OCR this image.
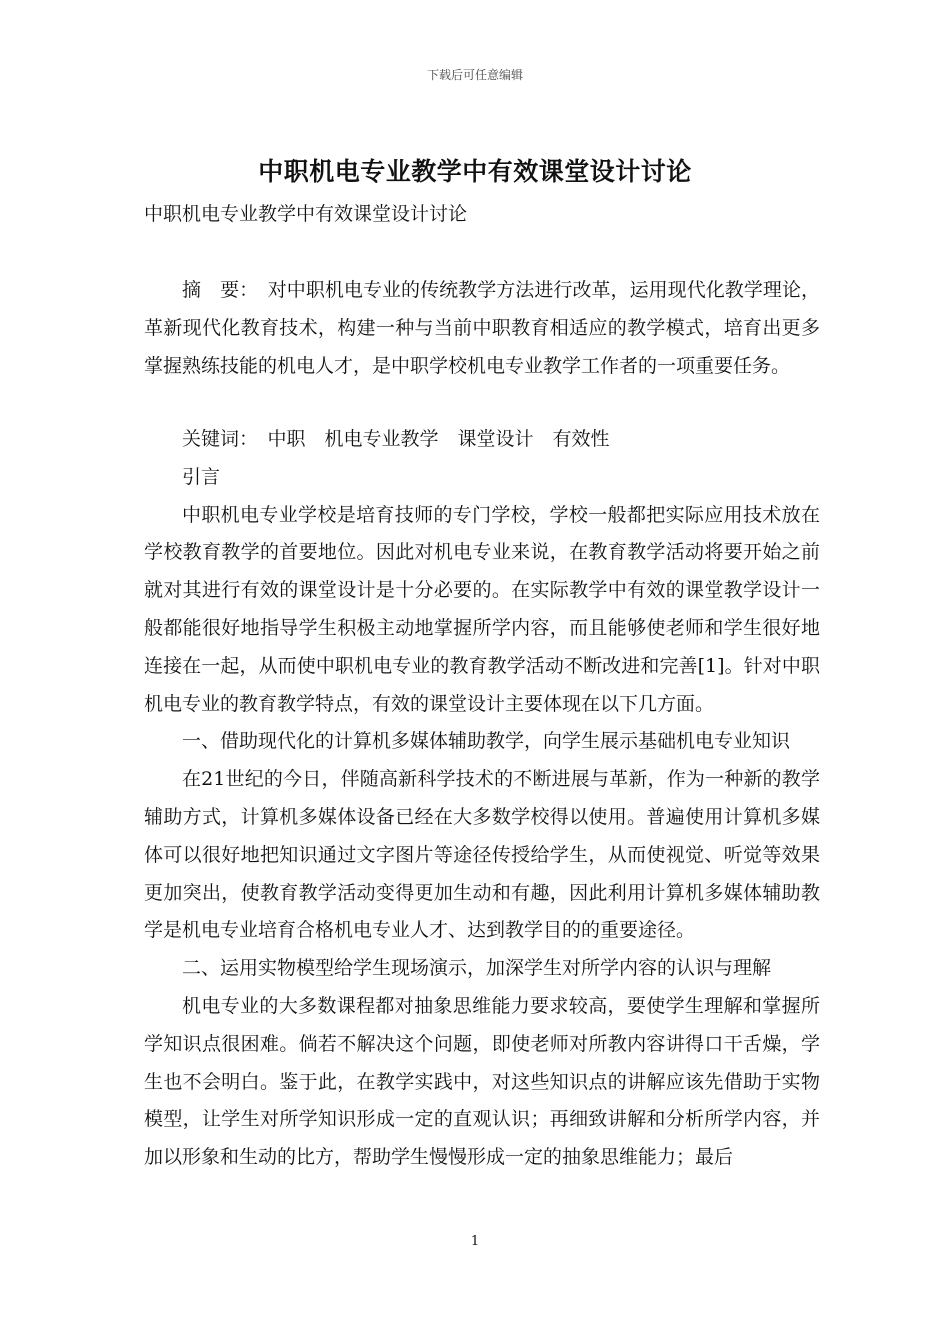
下载后可任意编辑
中职机电专业教学中有效课堂设计讨论
中职机电专业教学中有效课堂设计讨论

摘　要：　对中职机电专业的传统教学方法进行改革，运用现代化教学理论，革新现代化教育技术，构建一种与当前中职教育相适应的教学模式，培育出更多掌握熟练技能的机电人才，是中职学校机电专业教学工作者的一项重要任务。

关键词：　中职　机电专业教学　课堂设计　有效性

引言

中职机电专业学校是培育技师的专门学校，学校一般都把实际应用技术放在学校教育教学的首要地位。因此对机电专业来说，在教育教学活动将要开始之前就对其进行有效的课堂设计是十分必要的。在实际教学中有效的课堂教学设计一般都能很好地指导学生积极主动地掌握所学内容，而且能够使老师和学生很好地连接在一起，从而使中职机电专业的教育教学活动不断改进和完善[1]。针对中职机电专业的教育教学特点，有效的课堂设计主要体现在以下几方面。

一、借助现代化的计算机多媒体辅助教学，向学生展示基础机电专业知识

在21世纪的今日，伴随高新科学技术的不断进展与革新，作为一种新的教学辅助方式，计算机多媒体设备已经在大多数学校得以使用。普遍使用计算机多媒体可以很好地把知识通过文字图片等途径传授给学生，从而使视觉、听觉等效果更加突出，使教育教学活动变得更加生动和有趣，因此利用计算机多媒体辅助教学是机电专业培育合格机电专业人才、达到教学目的的重要途径。

二、运用实物模型给学生现场演示，加深学生对所学内容的认识与理解

机电专业的大多数课程都对抽象思维能力要求较高，要使学生理解和掌握所学知识点很困难。倘若不解决这个问题，即使老师对所教内容讲得口干舌燥，学生也不会明白。鉴于此，在教学实践中，对这些知识点的讲解应该先借助于实物模型，让学生对所学知识形成一定的直观认识；再细致讲解和分析所学内容，并加以形象和生动的比方，帮助学生慢慢形成一定的抽象思维能力；最后

1
